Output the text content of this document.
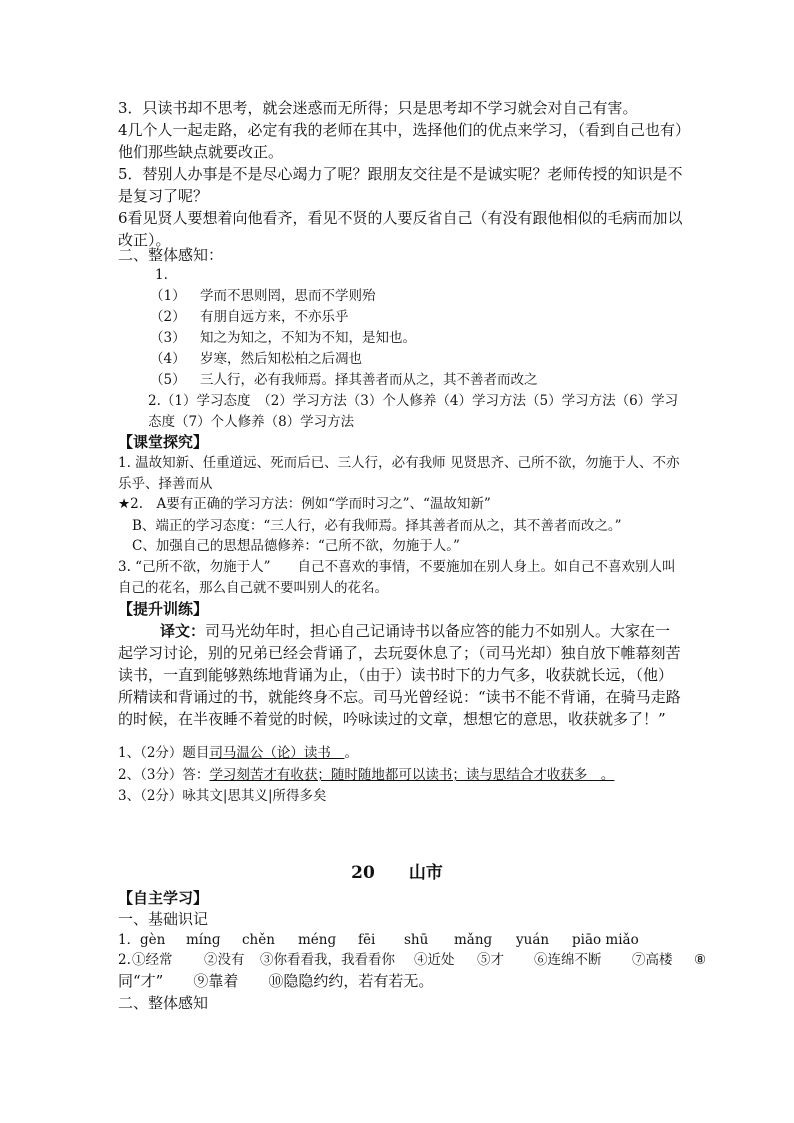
3．只读书却不思考，就会迷惑而无所得；只是思考却不学习就会对自己有害。

4几个人一起走路，必定有我的老师在其中，选择他们的优点来学习，（看到自己也有）他们那些缺点就要改正。

5．替别人办事是不是尽心竭力了呢？跟朋友交往是不是诚实呢？老师传授的知识是不是复习了呢？

6看见贤人要想着向他看齐，看见不贤的人要反省自己（有没有跟他相似的毛病而加以改正）。

二、整体感知：

1.

（1） 学而不思则罔，思而不学则殆
（2） 有朋自远方来，不亦乐乎
（3） 知之为知之，不知为不知，是知也。
（4） 岁寒，然后知松柏之后凋也
（5） 三人行，必有我师焉。择其善者而从之，其不善者而改之

2.（1）学习态度　（2）学习方法（3）个人修养（4）学习方法（5）学习方法（6）学习态度（7）个人修养（8）学习方法

【课堂探究】

1. 温故知新、任重道远、死而后已、三人行，必有我师 见贤思齐、己所不欲，勿施于人、不亦乐乎、择善而从

★2.　A要有正确的学习方法：例如“学而时习之”、“温故知新”

B、端正的学习态度：“三人行，必有我师焉。择其善者而从之，其不善者而改之。”

C、加强自己的思想品德修养：“己所不欲，勿施于人。”

3. “己所不欲，勿施于人”　　自己不喜欢的事情，不要施加在别人身上。如自己不喜欢别人叫自己的花名，那么自己就不要叫别人的花名。

【提升训练】

译文：司马光幼年时，担心自己记诵诗书以备应答的能力不如别人。大家在一起学习讨论，别的兄弟已经会背诵了，去玩耍休息了；（司马光却）独自放下帷幕刻苦读书，一直到能够熟练地背诵为止，（由于）读书时下的力气多，收获就长远，（他）所精读和背诵过的书，就能终身不忘。司马光曾经说：“读书不能不背诵，在骑马走路的时候，在半夜睡不着觉的时候，吟咏读过的文章，想想它的意思，收获就多了！”

1、（2分）题目司马温公（论）读书　。

2、（3分）答：学习刻苦才有收获；随时随地都可以读书；读与思结合才收获多　。

3、（2分）咏其文|思其义|所得多矣

20 山市

【自主学习】

一、基础识记

1．gèn mínɡ chěn ménɡ fēi shū mǎnɡ yuán piāo miǎo
2. ①经常 ②没有 ③你看看我，我看看你 ④近处 ⑤才 ⑥连绵不断 ⑦高楼 ⑧

同“才”　　⑨靠着　　⑩隐隐约约，若有若无。

二、整体感知
